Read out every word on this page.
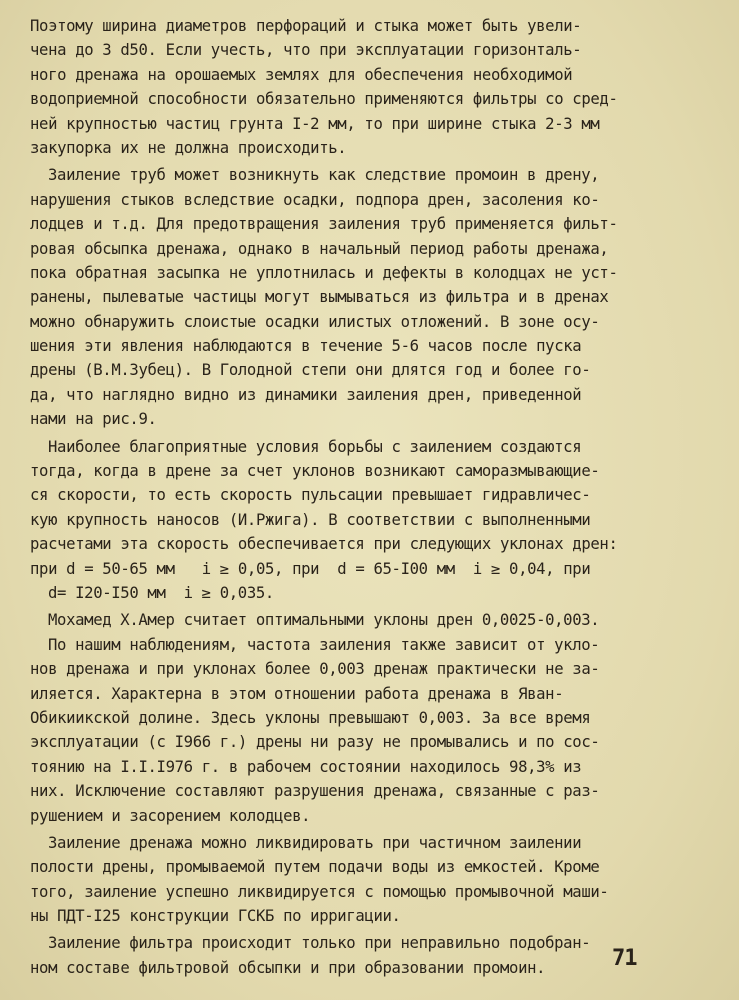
Поэтому ширина диаметров перфораций и стыка может быть увели-
чена до 3 d50. Если учесть, что при эксплуатации горизонталь-
ного дренажа на орошаемых землях для обеспечения необходимой
водоприемной способности обязательно применяются фильтры со сред-
ней крупностью частиц грунта I-2 мм, то при ширине стыка 2-3 мм
закупорка их не должна происходить.
Заиление труб может возникнуть как следствие промоин в дрену,
нарушения стыков вследствие осадки, подпора дрен, засоления ко-
лодцев и т.д. Для предотвращения заиления труб применяется фильт-
ровая обсыпка дренажа, однако в начальный период работы дренажа,
пока обратная засыпка не уплотнилась и дефекты в колодцах не уст-
ранены, пылеватые частицы могут вымываться из фильтра и в дренах
можно обнаружить слоистые осадки илистых отложений. В зоне осу-
шения эти явления наблюдаются в течение 5-6 часов после пуска
дрены (В.М.Зубец). В Голодной степи они длятся год и более го-
да, что наглядно видно из динамики заиления дрен, приведенной
нами на рис.9.
Наиболее благоприятные условия борьбы с заилением создаются
тогда, когда в дрене за счет уклонов возникают саморазмывающие-
ся скорости, то есть скорость пульсации превышает гидравличес-
кую крупность наносов (И.Ржига). В соответствии с выполненными
расчетами эта скорость обеспечивается при следующих уклонах дрен:
при d = 50-65 мм   i ≥ 0,05, при  d = 65-I00 мм  i ≥ 0,04, при
d= I20-I50 мм  i ≥ 0,035.
Мохамед Х.Амер считает оптимальными уклоны дрен 0,0025-0,003.
По нашим наблюдениям, частота заиления также зависит от укло-
нов дренажа и при уклонах более 0,003 дренаж практически не за-
иляется. Характерна в этом отношении работа дренажа в Яван-
Обикиикской долине. Здесь уклоны превышают 0,003. За все время
эксплуатации (с I966 г.) дрены ни разу не промывались и по сос-
тоянию на I.I.I976 г. в рабочем состоянии находилось 98,3% из
них. Исключение составляют разрушения дренажа, связанные с раз-
рушением и засорением колодцев.
Заиление дренажа можно ликвидировать при частичном заилении
полости дрены, промываемой путем подачи воды из емкостей. Кроме
того, заиление успешно ликвидируется с помощью промывочной маши-
ны ПДТ-I25 конструкции ГСКБ по ирригации.
Заиление фильтра происходит только при неправильно подобран-
ном составе фильтровой обсыпки и при образовании промоин.	71
